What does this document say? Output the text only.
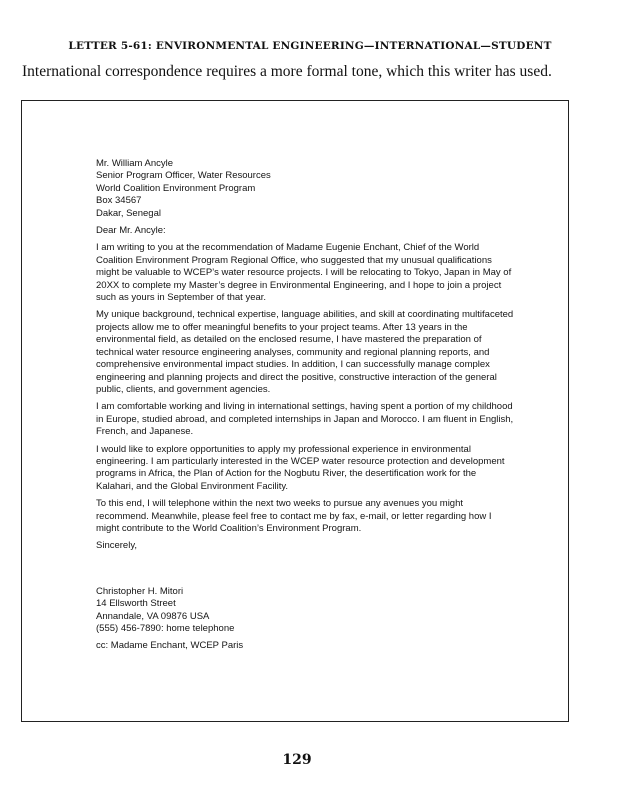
LETTER 5-61: ENVIRONMENTAL ENGINEERING—INTERNATIONAL—STUDENT
International correspondence requires a more formal tone, which this writer has used.

Mr. William Ancyle
Senior Program Officer, Water Resources
World Coalition Environment Program
Box 34567
Dakar, Senegal

Dear Mr. Ancyle:

I am writing to you at the recommendation of Madame Eugenie Enchant, Chief of the World Coalition Environment Program Regional Office, who suggested that my unusual qualifications might be valuable to WCEP’s water resource projects. I will be relocating to Tokyo, Japan in May of 20XX to complete my Master’s degree in Environmental Engineering, and I hope to join a project such as yours in September of that year.

My unique background, technical expertise, language abilities, and skill at coordinating multifaceted projects allow me to offer meaningful benefits to your project teams. After 13 years in the environmental field, as detailed on the enclosed resume, I have mastered the preparation of technical water resource engineering analyses, community and regional planning reports, and comprehensive environmental impact studies. In addition, I can successfully manage complex engineering and planning projects and direct the positive, constructive interaction of the general public, clients, and government agencies.

I am comfortable working and living in international settings, having spent a portion of my childhood in Europe, studied abroad, and completed internships in Japan and Morocco. I am fluent in English, French, and Japanese.

I would like to explore opportunities to apply my professional experience in environmental engineering. I am particularly interested in the WCEP water resource protection and development programs in Africa, the Plan of Action for the Nogbutu River, the desertification work for the Kalahari, and the Global Environment Facility.

To this end, I will telephone within the next two weeks to pursue any avenues you might recommend. Meanwhile, please feel free to contact me by fax, e-mail, or letter regarding how I might contribute to the World Coalition’s Environment Program.

Sincerely,

Christopher H. Mitori
14 Ellsworth Street
Annandale, VA 09876 USA
(555) 456-7890: home telephone

cc: Madame Enchant, WCEP Paris

129
